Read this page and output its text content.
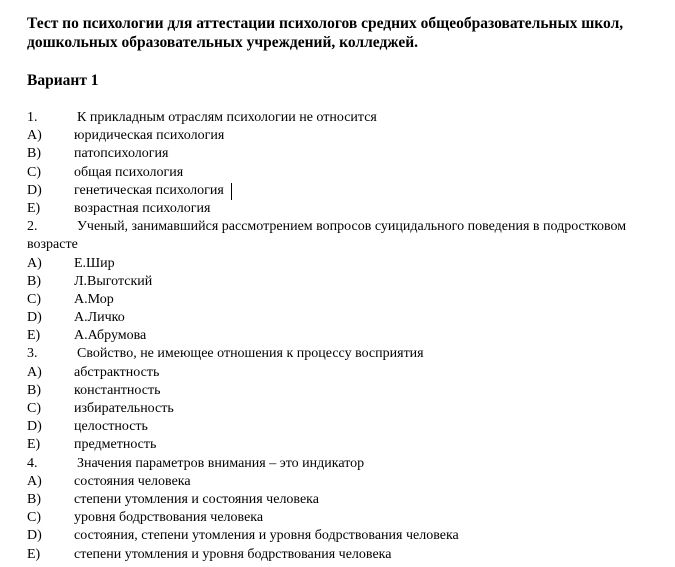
Тест по психологии для аттестации психологов средних общеобразовательных школ, дошкольных образовательных учреждений, колледжей.

Вариант 1
1.	К прикладным отраслям психологии не относится
A) юридическая психология
B) патопсихология
C) общая психология
D) генетическая психология
E) возрастная психология
2.	Ученый, занимавшийся рассмотрением вопросов суицидального поведения в подростковом возрасте
A) Е.Шир
B) Л.Выготский
C) А.Мор
D) А.Личко
E) А.Абрумова
3.	Свойство, не имеющее отношения к процессу восприятия
A) абстрактность
B) константность
C) избирательность
D) целостность
E) предметность
4.	Значения параметров внимания – это индикатор
A) состояния человека
B) степени утомления и состояния человека
C) уровня бодрствования человека
D) состояния, степени утомления и уровня бодрствования человека
E) степени утомления и уровня бодрствования человека
